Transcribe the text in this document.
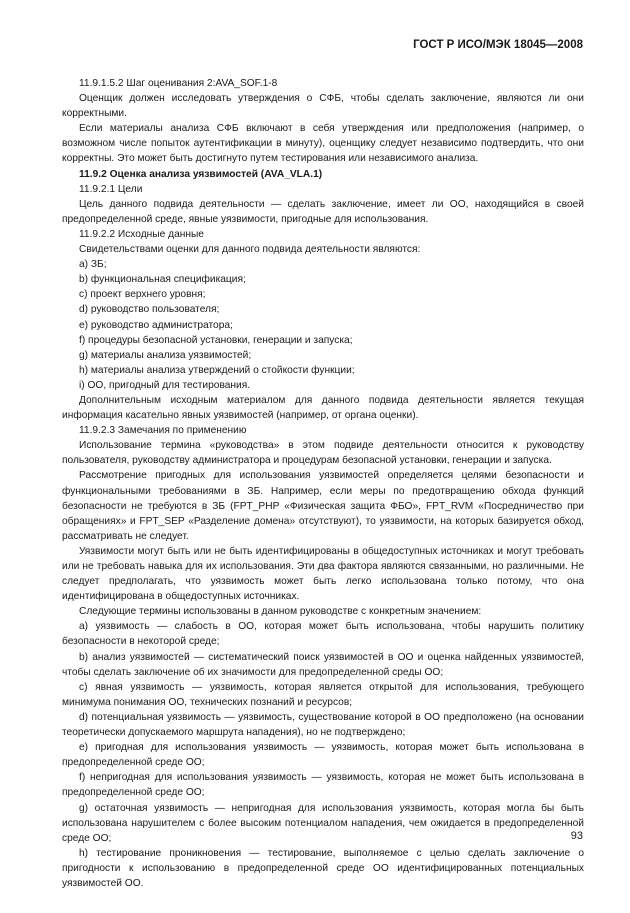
ГОСТ Р ИСО/МЭК 18045—2008

11.9.1.5.2 Шаг оценивания 2:AVA_SOF.1-8

Оценщик должен исследовать утверждения о СФБ, чтобы сделать заключение, являются ли они корректными.

Если материалы анализа СФБ включают в себя утверждения или предположения (например, о возможном числе попыток аутентификации в минуту), оценщику следует независимо подтвердить, что они корректны. Это может быть достигнуто путем тестирования или независимого анализа.

11.9.2 Оценка анализа уязвимостей (AVA_VLA.1)

11.9.2.1 Цели

Цель данного подвида деятельности — сделать заключение, имеет ли ОО, находящийся в своей предопределенной среде, явные уязвимости, пригодные для использования.

11.9.2.2 Исходные данные

Свидетельствами оценки для данного подвида деятельности являются:

а) ЗБ;

b) функциональная спецификация;

с) проект верхнего уровня;

d) руководство пользователя;

е) руководство администратора;

f) процедуры безопасной установки, генерации и запуска;

g) материалы анализа уязвимостей;

h) материалы анализа утверждений о стойкости функции;

i) ОО, пригодный для тестирования.

Дополнительным исходным материалом для данного подвида деятельности является текущая информация касательно явных уязвимостей (например, от органа оценки).

11.9.2.3 Замечания по применению

Использование термина «руководства» в этом подвиде деятельности относится к руководству пользователя, руководству администратора и процедурам безопасной установки, генерации и запуска.

Рассмотрение пригодных для использования уязвимостей определяется целями безопасности и функциональными требованиями в ЗБ. Например, если меры по предотвращению обхода функций безопасности не требуются в ЗБ (FPT_PHP «Физическая защита ФБО», FPT_RVM «Посредничество при обращениях» и FPT_SEP «Разделение домена» отсутствуют), то уязвимости, на которых базируется обход, рассматривать не следует.

Уязвимости могут быть или не быть идентифицированы в общедоступных источниках и могут требовать или не требовать навыка для их использования. Эти два фактора являются связанными, но различными. Не следует предполагать, что уязвимость может быть легко использована только потому, что она идентифицирована в общедоступных источниках.

Следующие термины использованы в данном руководстве с конкретным значением:

а) уязвимость — слабость в ОО, которая может быть использована, чтобы нарушить политику безопасности в некоторой среде;

b) анализ уязвимостей — систематический поиск уязвимостей в ОО и оценка найденных уязвимостей, чтобы сделать заключение об их значимости для предопределенной среды ОО;

с) явная уязвимость — уязвимость, которая является открытой для использования, требующего минимума понимания ОО, технических познаний и ресурсов;

d) потенциальная уязвимость — уязвимость, существование которой в ОО предположено (на основании теоретически допускаемого маршрута нападения), но не подтверждено;

е) пригодная для использования уязвимость — уязвимость, которая может быть использована в предопределенной среде ОО;

f) непригодная для использования уязвимость — уязвимость, которая не может быть использована в предопределенной среде ОО;

g) остаточная уязвимость — непригодная для использования уязвимость, которая могла бы быть использована нарушителем с более высоким потенциалом нападения, чем ожидается в предопределенной среде ОО;

h) тестирование проникновения — тестирование, выполняемое с целью сделать заключение о пригодности к использованию в предопределенной среде ОО идентифицированных потенциальных уязвимостей ОО.

93
